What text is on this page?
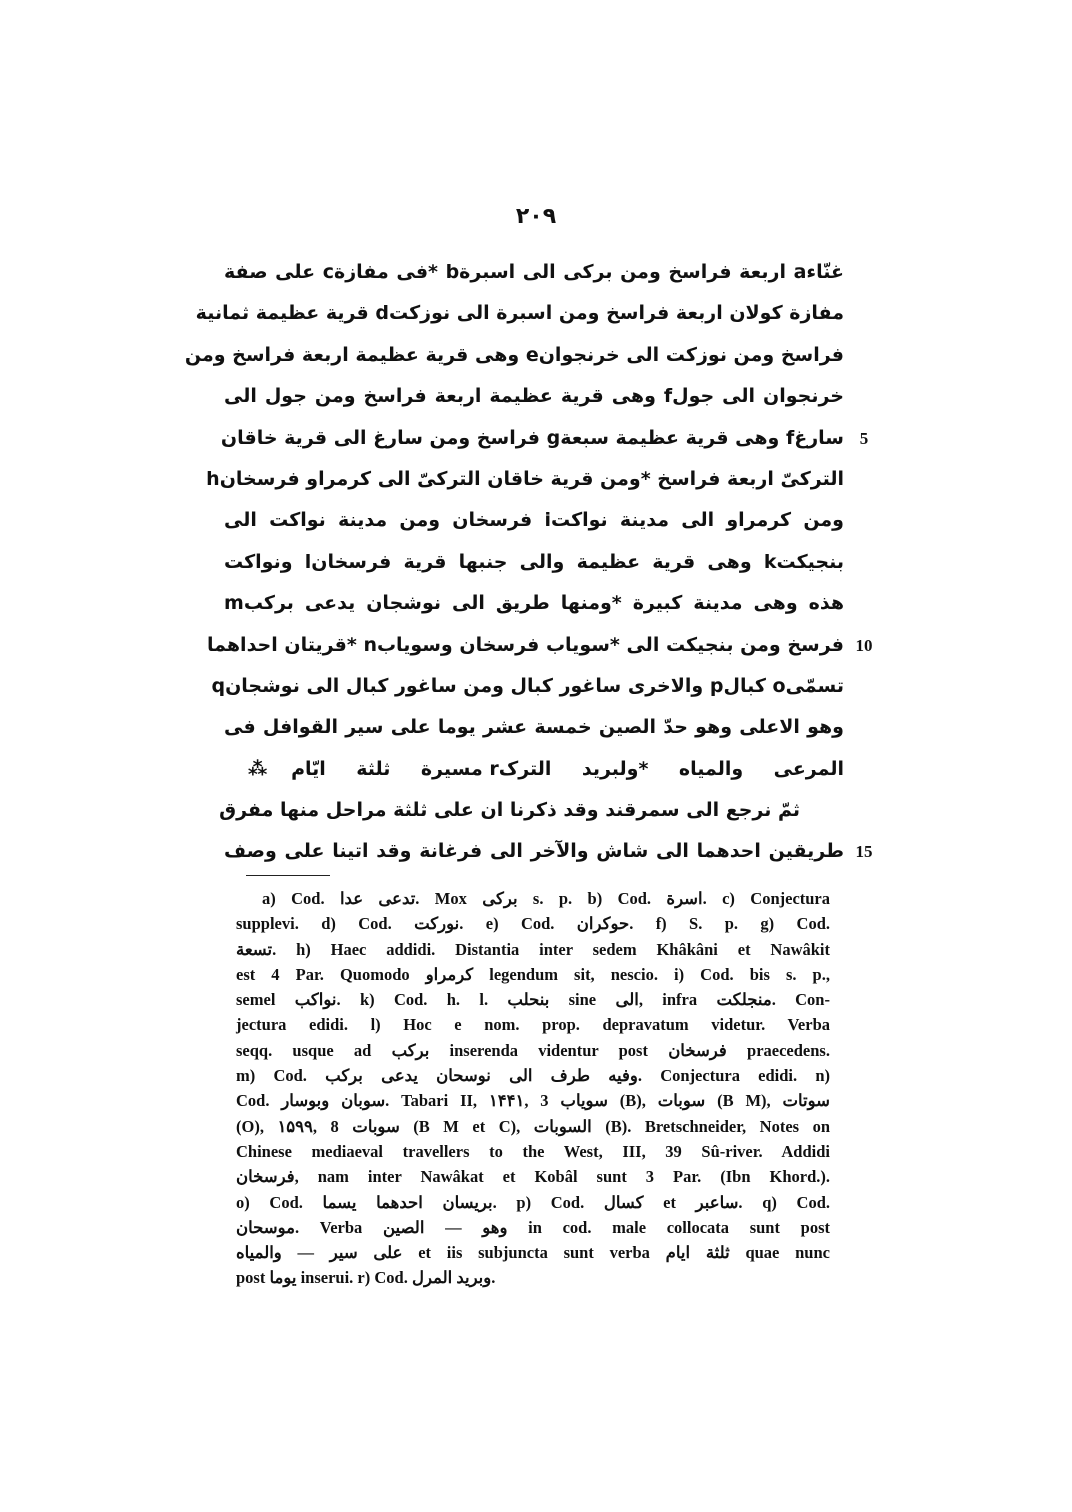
۲۰۹
غنّاءa اربعة فراسخ ومن بركى الى اسبرةb *فى مفازةc على صفة
مفازة كولان اربعة فراسخ ومن اسبرة الى نوزكتd قرية عظيمة ثمانية
فراسخ ومن نوزكت الى خرنجوانe وهى قرية عظيمة اربعة فراسخ ومن
خرنجوان الى جولf وهى قرية عظيمة اربعة فراسخ ومن جول الى
سارغf وهى قرية عظيمة سبعةg فراسخ ومن سارغ الى قرية خاقان 5
التركىّ اربعة فراسخ *ومن قرية خاقان التركىّ الى كرمراو فرسخانh
ومن كرمراو الى مدينة نواكتi فرسخان ومن مدينة نواكت الى
بنجيكتk وهى قرية عظيمة والى جنبها قرية فرسخانl ونواكت
هذه وهى مدينة كبيرة *ومنها طريق الى نوشجان يدعى بركبm
فرسخ ومن بنجيكت الى *سوياب فرسخان وسويابn *قريتان احداهما 10
تسمّىo كبالp والاخرى ساغور كبال ومن ساغور كبال الى نوشجانq
وهو الاعلى وهو حدّ الصين خمسة عشر يوما على سير القوافل فى
المرعى والمياه *ولبريد الترکr مسيرة ثلثة ايّام⁂
ثمّ نرجع الى سمرقند وقد ذكرنا ان على ثلثة مراحل منها مفرق
طريقين احدهما الى شاش والآخر الى فرغانة وقد اتينا على وصف 15
a) Cod. تدعى عدا. Mox بركى s. p. b) Cod. اسرة. c) Conjectura
supplevi. d) Cod. نورکت. e) Cod. حوکران. f) S. p. g) Cod.
تسعة. h) Haec addidi. Distantia inter sedem Khâkâni et Nawâkit
est 4 Par. Quomodo کرمراو legendum sit, nescio. i) Cod. bis s. p.,
semel نواکب. k) Cod. h. l. بنحلب sine الى, infra منجلکت. Con-
jectura edidi. l) Hoc e nom. prop. depravatum videtur. Verba
seqq. usque ad برکب inserenda videntur post فرسخان praecedens.
m) Cod. وفيه طرف الى نوسحان يدعى برکب. Conjectura edidi. n)
Cod. سوبان وبوسار. Tabari II, ۱۴۴۱, 3 سویاب (B), سوبات (B M), سوتات
(O), ۱۵۹۹, 8 سوبات (B M et C), السوبات (B). Bretschneider, Notes on
Chinese mediaeval travellers to the West, III, 39 Sû-river. Addidi
فرسخان, nam inter Nawâkat et Kobâl sunt 3 Par. (Ibn Khord.).
o) Cod. بريسان احدهما يسما. p) Cod. کسال et ساعبر. q) Cod.
موسحان. Verba وهو — الصين in cod. male collocata sunt post
على سير — والمياه et iis subjuncta sunt verba ثلثة ايام quae nunc
post يوما inserui. r) Cod. وبريد المرل.
